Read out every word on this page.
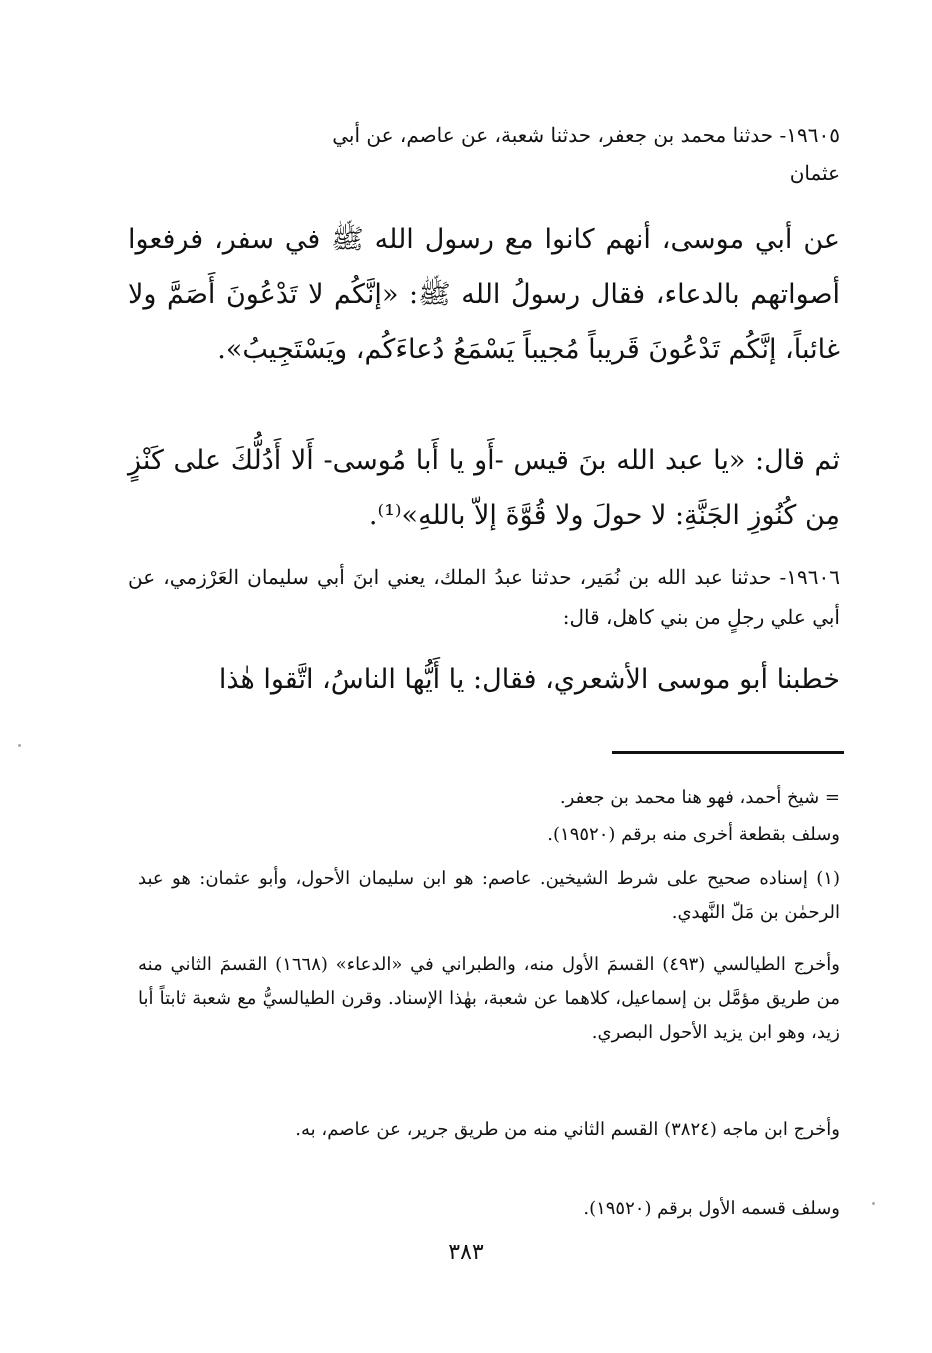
١٩٦٠٥- حدثنا محمد بن جعفر، حدثنا شعبة، عن عاصم، عن أبي

عثمان

عن أبي موسى، أنهم كانوا مع رسول الله ﷺ في سفر، فرفعوا أصواتهم بالدعاء، فقال رسولُ الله ﷺ: «إنَّكُم لا تَدْعُونَ أَصَمَّ ولا غائباً، إنَّكُم تَدْعُونَ قَريباً مُجيباً يَسْمَعُ دُعاءَكُم، ويَسْتَجِيبُ».

ثم قال: «يا عبد الله بنَ قيس -أَو يا أَبا مُوسى- أَلا أَدُلُّكَ على كَنْزٍ مِن كُنُوزِ الجَنَّةِ: لا حولَ ولا قُوَّةَ إلاّ باللهِ»⁽¹⁾.

١٩٦٠٦- حدثنا عبد الله بن نُمَير، حدثنا عبدُ الملك، يعني ابنَ أبي سليمان العَرْزمي، عن أبي علي رجلٍ من بني كاهل، قال:

خطبنا أبو موسى الأشعري، فقال: يا أَيُّها الناسُ، اتَّقوا هٰذا

= شيخ أحمد، فهو هنا محمد بن جعفر.

وسلف بقطعة أخرى منه برقم (١٩٥٢٠).

(١) إسناده صحيح على شرط الشيخين. عاصم: هو ابن سليمان الأحول، وأبو عثمان: هو عبد الرحمٰن بن مَلّ النَّهدي.

وأخرج الطيالسي (٤٩٣) القسمَ الأول منه، والطبراني في «الدعاء» (١٦٦٨) القسمَ الثاني منه من طريق مؤمَّل بن إسماعيل، كلاهما عن شعبة، بهٰذا الإسناد. وقرن الطيالسيُّ مع شعبة ثابتاً أبا زيد، وهو ابن يزيد الأحول البصري.

وأخرج ابن ماجه (٣٨٢٤) القسم الثاني منه من طريق جرير، عن عاصم، به.

وسلف قسمه الأول برقم (١٩٥٢٠).

٣٨٣
